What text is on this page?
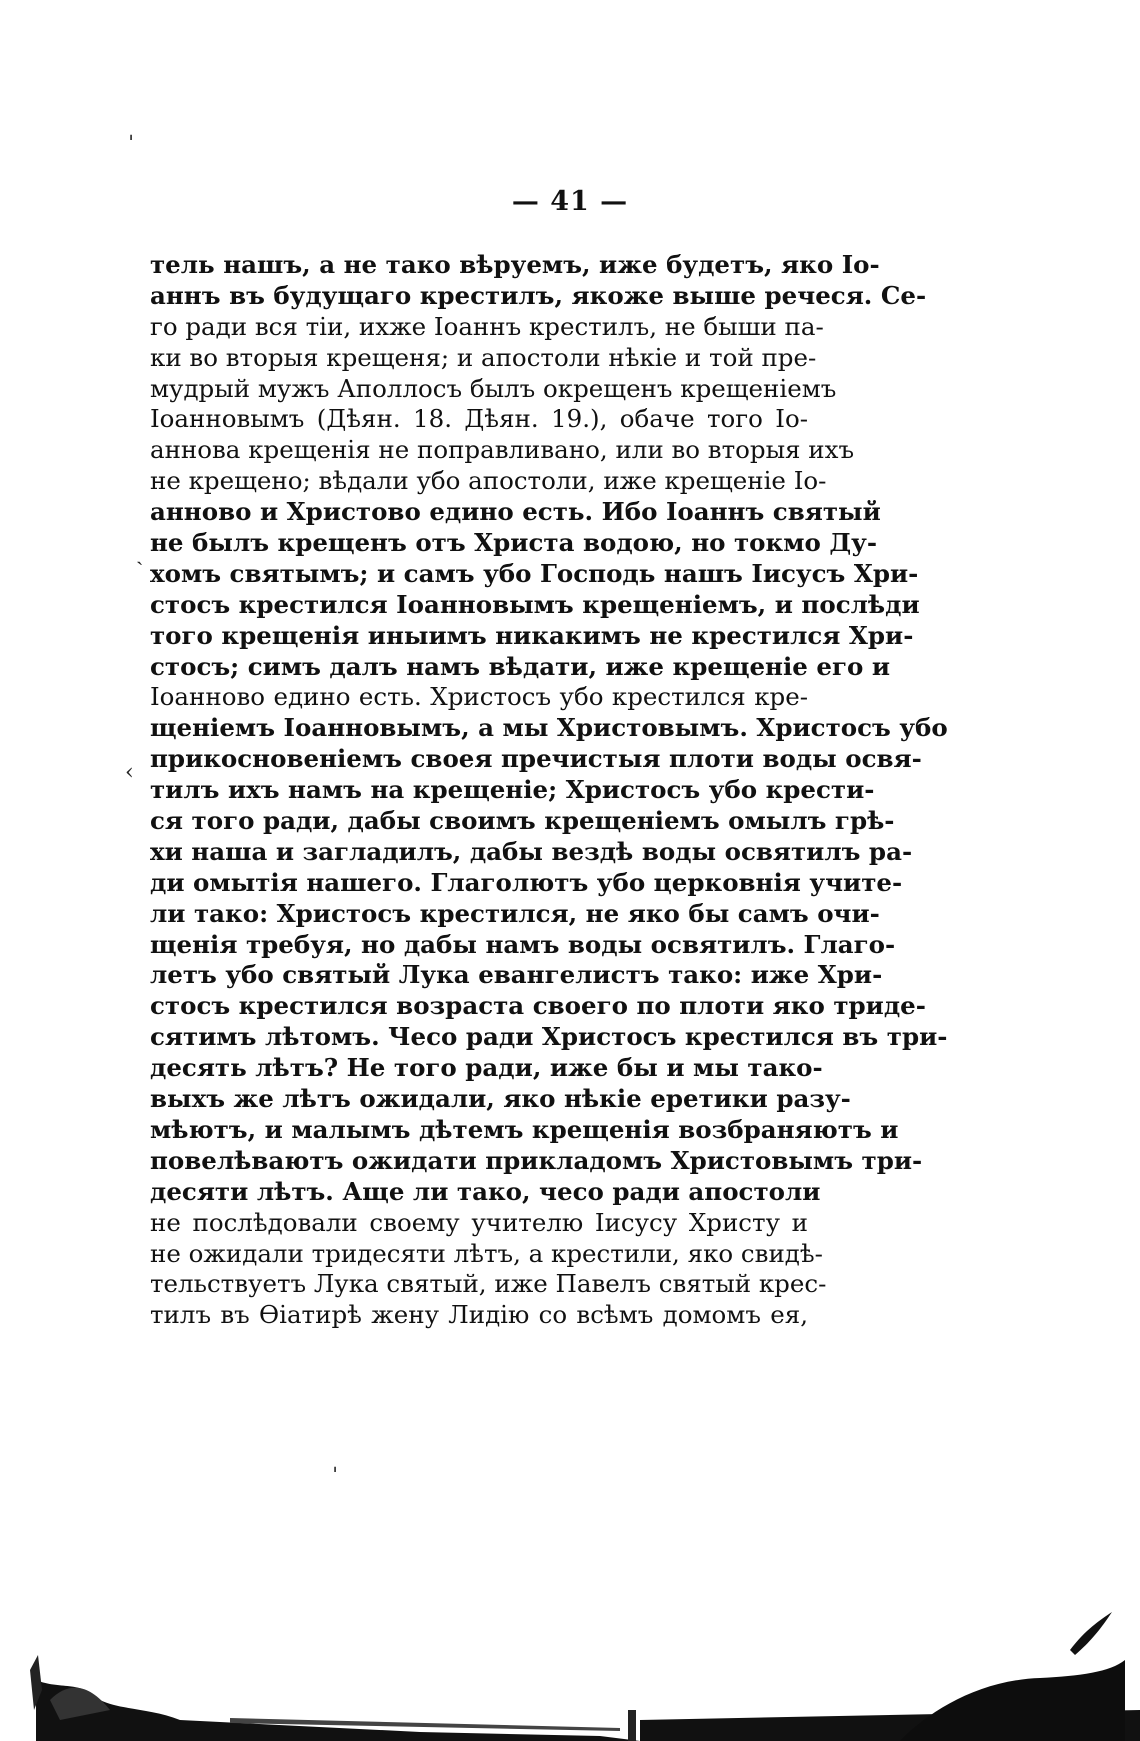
— 41 —
тель нашъ, а не тако вѣруемъ, иже будетъ, яко Іо-
аннъ въ будущаго крестилъ, якоже выше речеся. Се-
го ради вся тіи, ихже Іоаннъ крестилъ, не быши па-
ки во вторыя крещеня; и апостоли нѣкіе и той пре-
мудрый мужъ Аполлосъ былъ окрещенъ крещеніемъ
Іоанновымъ (Дѣян. 18. Дѣян. 19.), обаче того Іо-
аннова крещенія не поправливано, или во вторыя ихъ
не крещено; вѣдали убо апостоли, иже крещеніе Іо-
анново и Христово едино есть. Ибо Іоаннъ святый
не былъ крещенъ отъ Христа водою, но токмо Ду-
хомъ святымъ; и самъ убо Господь нашъ Іисусъ Хри-
стосъ крестился Іоанновымъ крещеніемъ, и послѣди
того крещенія иныимъ никакимъ не крестился Хри-
стосъ; симъ далъ намъ вѣдати, иже крещеніе его и
Іоанново едино есть. Христосъ убо крестился кре-
щеніемъ Іоанновымъ, а мы Христовымъ. Христосъ убо
прикосновеніемъ своея пречистыя плоти воды освя-
тилъ ихъ намъ на крещеніе; Христосъ убо крести-
ся того ради, дабы своимъ крещеніемъ омылъ грѣ-
хи наша и загладилъ, дабы вездѣ воды освятилъ ра-
ди омытія нашего. Глаголютъ убо церковнія учите-
ли тако: Христосъ крестился, не яко бы самъ очи-
щенія требуя, но дабы намъ воды освятилъ. Глаго-
летъ убо святый Лука евангелистъ тако: иже Хри-
стосъ крестился возраста своего по плоти яко триде-
сятимъ лѣтомъ. Чесо ради Христосъ крестился въ три-
десять лѣтъ? Не того ради, иже бы и мы тако-
выхъ же лѣтъ ожидали, яко нѣкіе еретики разу-
мѣютъ, и малымъ дѣтемъ крещенія возбраняютъ и
повелѣваютъ ожидати прикладомъ Христовымъ три-
десяти лѣтъ. Аще ли тако, чесо ради апостоли
не послѣдовали своему учителю Іисусу Христу и
не ожидали тридесяти лѣтъ, а крестили, яко свидѣ-
тельствуетъ Лука святый, иже Павелъ святый крес-
тилъ въ Ѳіатирѣ жену Лидію со всѣмъ домомъ ея,
ˌ
ˏ
‹
ˈ
